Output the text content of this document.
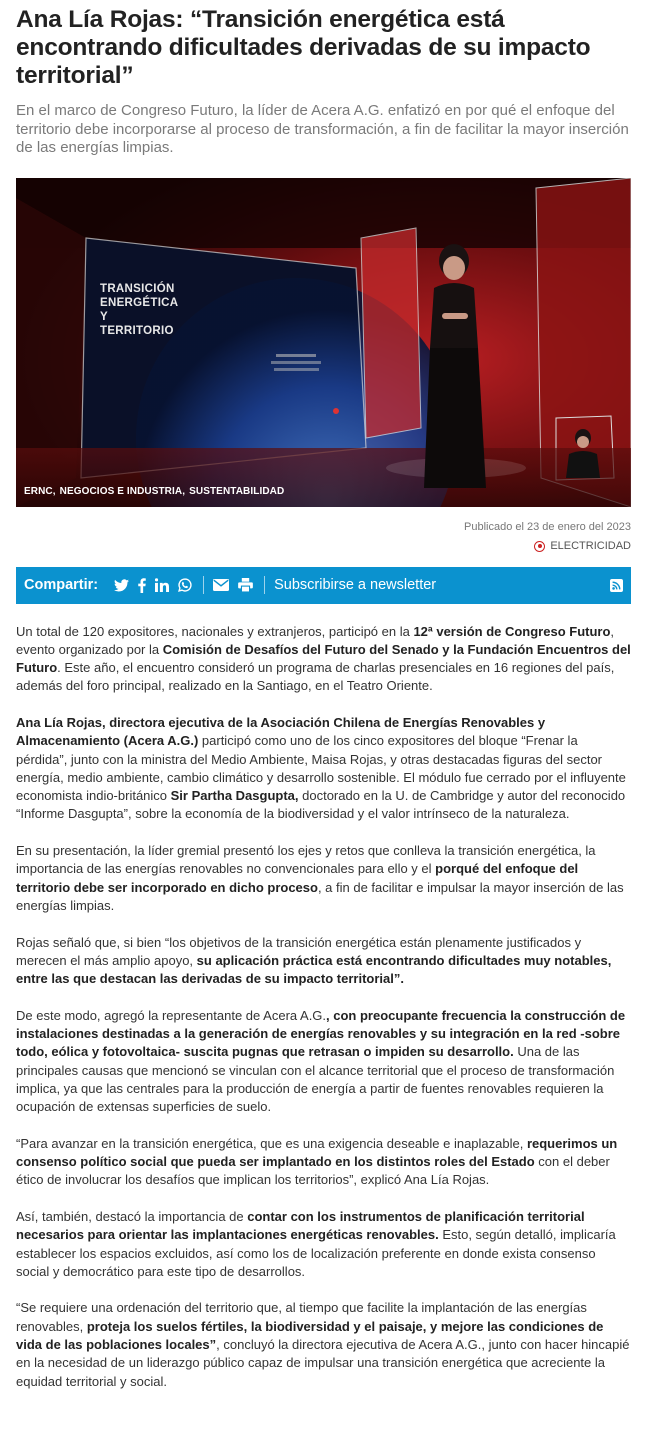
Ana Lía Rojas: “Transición energética está encontrando dificultades derivadas de su impacto territorial”

En el marco de Congreso Futuro, la líder de Acera A.G. enfatizó en por qué el enfoque del territorio debe incorporarse al proceso de transformación, a fin de facilitar la mayor inserción de las energías limpias.

TRANSICIÓN
ENERGÉTICA
Y
TERRITORIO
ERNC, NEGOCIOS E INDUSTRIA, SUSTENTABILIDAD
Publicado el 23 de enero del 2023
ELECTRICIDAD
Compartir:	Subscribirse a newsletter

Un total de 120 expositores, nacionales y extranjeros, participó en la 12ª versión de Congreso Futuro, evento organizado por la Comisión de Desafíos del Futuro del Senado y la Fundación Encuentros del Futuro. Este año, el encuentro consideró un programa de charlas presenciales en 16 regiones del país, además del foro principal, realizado en la Santiago, en el Teatro Oriente.

Ana Lía Rojas, directora ejecutiva de la Asociación Chilena de Energías Renovables y Almacenamiento (Acera A.G.) participó como uno de los cinco expositores del bloque “Frenar la pérdida”, junto con la ministra del Medio Ambiente, Maisa Rojas, y otras destacadas figuras del sector energía, medio ambiente, cambio climático y desarrollo sostenible. El módulo fue cerrado por el influyente economista indio-británico Sir Partha Dasgupta, doctorado en la U. de Cambridge y autor del reconocido “Informe Dasgupta”, sobre la economía de la biodiversidad y el valor intrínseco de la naturaleza.

En su presentación, la líder gremial presentó los ejes y retos que conlleva la transición energética, la importancia de las energías renovables no convencionales para ello y el porqué del enfoque del territorio debe ser incorporado en dicho proceso, a fin de facilitar e impulsar la mayor inserción de las energías limpias.

Rojas señaló que, si bien “los objetivos de la transición energética están plenamente justificados y merecen el más amplio apoyo, su aplicación práctica está encontrando dificultades muy notables, entre las que destacan las derivadas de su impacto territorial”.

De este modo, agregó la representante de Acera A.G., con preocupante frecuencia la construcción de instalaciones destinadas a la generación de energías renovables y su integración en la red -sobre todo, eólica y fotovoltaica- suscita pugnas que retrasan o impiden su desarrollo. Una de las principales causas que mencionó se vinculan con el alcance territorial que el proceso de transformación implica, ya que las centrales para la producción de energía a partir de fuentes renovables requieren la ocupación de extensas superficies de suelo.

“Para avanzar en la transición energética, que es una exigencia deseable e inaplazable, requerimos un consenso político social que pueda ser implantado en los distintos roles del Estado con el deber ético de involucrar los desafíos que implican los territorios”, explicó Ana Lía Rojas.

Así, también, destacó la importancia de contar con los instrumentos de planificación territorial necesarios para orientar las implantaciones energéticas renovables. Esto, según detalló, implicaría establecer los espacios excluidos, así como los de localización preferente en donde exista consenso social y democrático para este tipo de desarrollos.

“Se requiere una ordenación del territorio que, al tiempo que facilite la implantación de las energías renovables, proteja los suelos fértiles, la biodiversidad y el paisaje, y mejore las condiciones de vida de las poblaciones locales”, concluyó la directora ejecutiva de Acera A.G., junto con hacer hincapié en la necesidad de un liderazgo público capaz de impulsar una transición energética que acreciente la equidad territorial y social.
